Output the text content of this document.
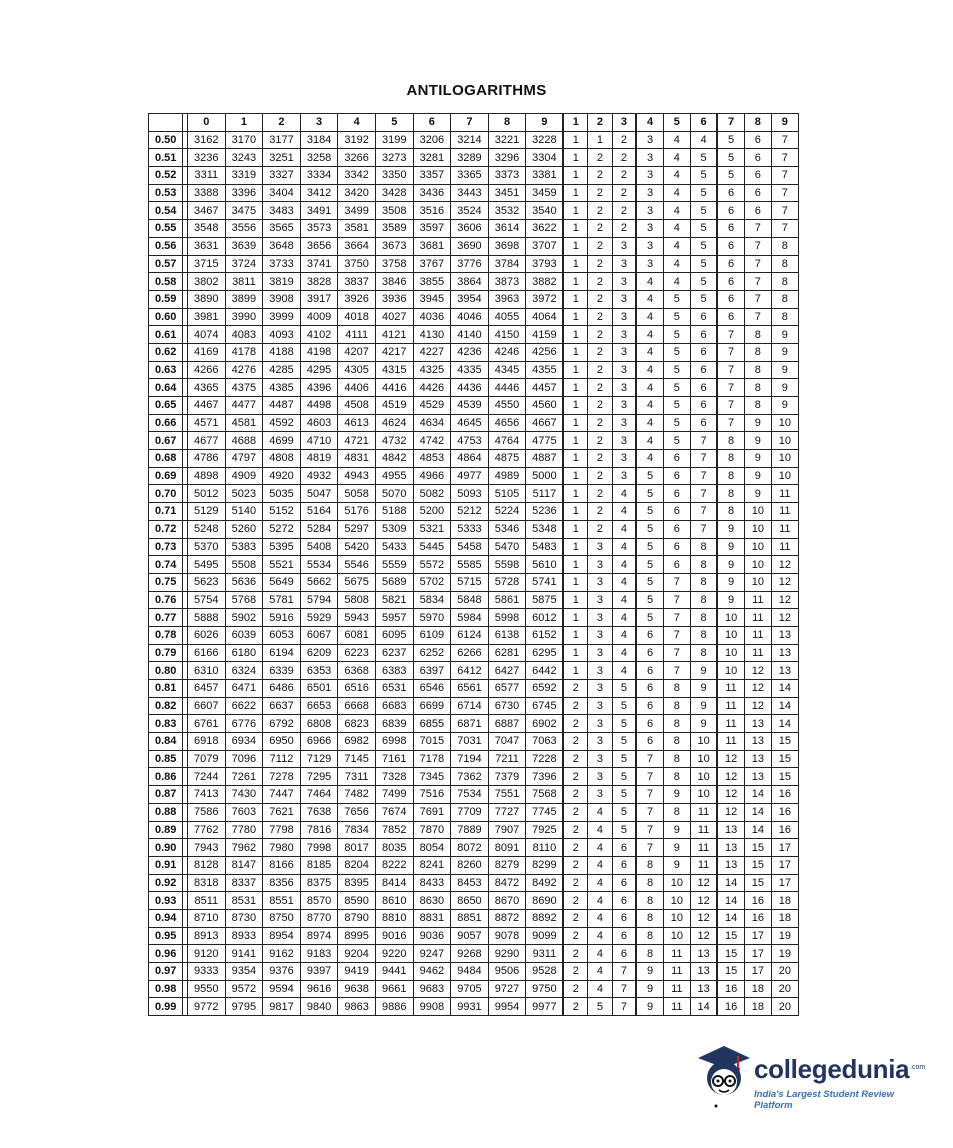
ANTILOGARITHMS
		0	1	2	3	4	5	6	7	8	9	1	2	3	4	5	6	7	8	9
0.50		3162	3170	3177	3184	3192	3199	3206	3214	3221	3228	1	1	2	3	4	4	5	6	7
0.51		3236	3243	3251	3258	3266	3273	3281	3289	3296	3304	1	2	2	3	4	5	5	6	7
0.52		3311	3319	3327	3334	3342	3350	3357	3365	3373	3381	1	2	2	3	4	5	5	6	7
0.53		3388	3396	3404	3412	3420	3428	3436	3443	3451	3459	1	2	2	3	4	5	6	6	7
0.54		3467	3475	3483	3491	3499	3508	3516	3524	3532	3540	1	2	2	3	4	5	6	6	7
0.55		3548	3556	3565	3573	3581	3589	3597	3606	3614	3622	1	2	2	3	4	5	6	7	7
0.56		3631	3639	3648	3656	3664	3673	3681	3690	3698	3707	1	2	3	3	4	5	6	7	8
0.57		3715	3724	3733	3741	3750	3758	3767	3776	3784	3793	1	2	3	3	4	5	6	7	8
0.58		3802	3811	3819	3828	3837	3846	3855	3864	3873	3882	1	2	3	4	4	5	6	7	8
0.59		3890	3899	3908	3917	3926	3936	3945	3954	3963	3972	1	2	3	4	5	5	6	7	8
0.60		3981	3990	3999	4009	4018	4027	4036	4046	4055	4064	1	2	3	4	5	6	6	7	8
0.61		4074	4083	4093	4102	4111	4121	4130	4140	4150	4159	1	2	3	4	5	6	7	8	9
0.62		4169	4178	4188	4198	4207	4217	4227	4236	4246	4256	1	2	3	4	5	6	7	8	9
0.63		4266	4276	4285	4295	4305	4315	4325	4335	4345	4355	1	2	3	4	5	6	7	8	9
0.64		4365	4375	4385	4396	4406	4416	4426	4436	4446	4457	1	2	3	4	5	6	7	8	9
0.65		4467	4477	4487	4498	4508	4519	4529	4539	4550	4560	1	2	3	4	5	6	7	8	9
0.66		4571	4581	4592	4603	4613	4624	4634	4645	4656	4667	1	2	3	4	5	6	7	9	10
0.67		4677	4688	4699	4710	4721	4732	4742	4753	4764	4775	1	2	3	4	5	7	8	9	10
0.68		4786	4797	4808	4819	4831	4842	4853	4864	4875	4887	1	2	3	4	6	7	8	9	10
0.69		4898	4909	4920	4932	4943	4955	4966	4977	4989	5000	1	2	3	5	6	7	8	9	10
0.70		5012	5023	5035	5047	5058	5070	5082	5093	5105	5117	1	2	4	5	6	7	8	9	11
0.71		5129	5140	5152	5164	5176	5188	5200	5212	5224	5236	1	2	4	5	6	7	8	10	11
0.72		5248	5260	5272	5284	5297	5309	5321	5333	5346	5348	1	2	4	5	6	7	9	10	11
0.73		5370	5383	5395	5408	5420	5433	5445	5458	5470	5483	1	3	4	5	6	8	9	10	11
0.74		5495	5508	5521	5534	5546	5559	5572	5585	5598	5610	1	3	4	5	6	8	9	10	12
0.75		5623	5636	5649	5662	5675	5689	5702	5715	5728	5741	1	3	4	5	7	8	9	10	12
0.76		5754	5768	5781	5794	5808	5821	5834	5848	5861	5875	1	3	4	5	7	8	9	11	12
0.77		5888	5902	5916	5929	5943	5957	5970	5984	5998	6012	1	3	4	5	7	8	10	11	12
0.78		6026	6039	6053	6067	6081	6095	6109	6124	6138	6152	1	3	4	6	7	8	10	11	13
0.79		6166	6180	6194	6209	6223	6237	6252	6266	6281	6295	1	3	4	6	7	8	10	11	13
0.80		6310	6324	6339	6353	6368	6383	6397	6412	6427	6442	1	3	4	6	7	9	10	12	13
0.81		6457	6471	6486	6501	6516	6531	6546	6561	6577	6592	2	3	5	6	8	9	11	12	14
0.82		6607	6622	6637	6653	6668	6683	6699	6714	6730	6745	2	3	5	6	8	9	11	12	14
0.83		6761	6776	6792	6808	6823	6839	6855	6871	6887	6902	2	3	5	6	8	9	11	13	14
0.84		6918	6934	6950	6966	6982	6998	7015	7031	7047	7063	2	3	5	6	8	10	11	13	15
0.85		7079	7096	7112	7129	7145	7161	7178	7194	7211	7228	2	3	5	7	8	10	12	13	15
0.86		7244	7261	7278	7295	7311	7328	7345	7362	7379	7396	2	3	5	7	8	10	12	13	15
0.87		7413	7430	7447	7464	7482	7499	7516	7534	7551	7568	2	3	5	7	9	10	12	14	16
0.88		7586	7603	7621	7638	7656	7674	7691	7709	7727	7745	2	4	5	7	8	11	12	14	16
0.89		7762	7780	7798	7816	7834	7852	7870	7889	7907	7925	2	4	5	7	9	11	13	14	16
0.90		7943	7962	7980	7998	8017	8035	8054	8072	8091	8110	2	4	6	7	9	11	13	15	17
0.91		8128	8147	8166	8185	8204	8222	8241	8260	8279	8299	2	4	6	8	9	11	13	15	17
0.92		8318	8337	8356	8375	8395	8414	8433	8453	8472	8492	2	4	6	8	10	12	14	15	17
0.93		8511	8531	8551	8570	8590	8610	8630	8650	8670	8690	2	4	6	8	10	12	14	16	18
0.94		8710	8730	8750	8770	8790	8810	8831	8851	8872	8892	2	4	6	8	10	12	14	16	18
0.95		8913	8933	8954	8974	8995	9016	9036	9057	9078	9099	2	4	6	8	10	12	15	17	19
0.96		9120	9141	9162	9183	9204	9220	9247	9268	9290	9311	2	4	6	8	11	13	15	17	19
0.97		9333	9354	9376	9397	9419	9441	9462	9484	9506	9528	2	4	7	9	11	13	15	17	20
0.98		9550	9572	9594	9616	9638	9661	9683	9705	9727	9750	2	4	7	9	11	13	16	18	20
0.99		9772	9795	9817	9840	9863	9886	9908	9931	9954	9977	2	5	7	9	11	14	16	18	20
collegedunia .com
India's Largest Student Review Platform
